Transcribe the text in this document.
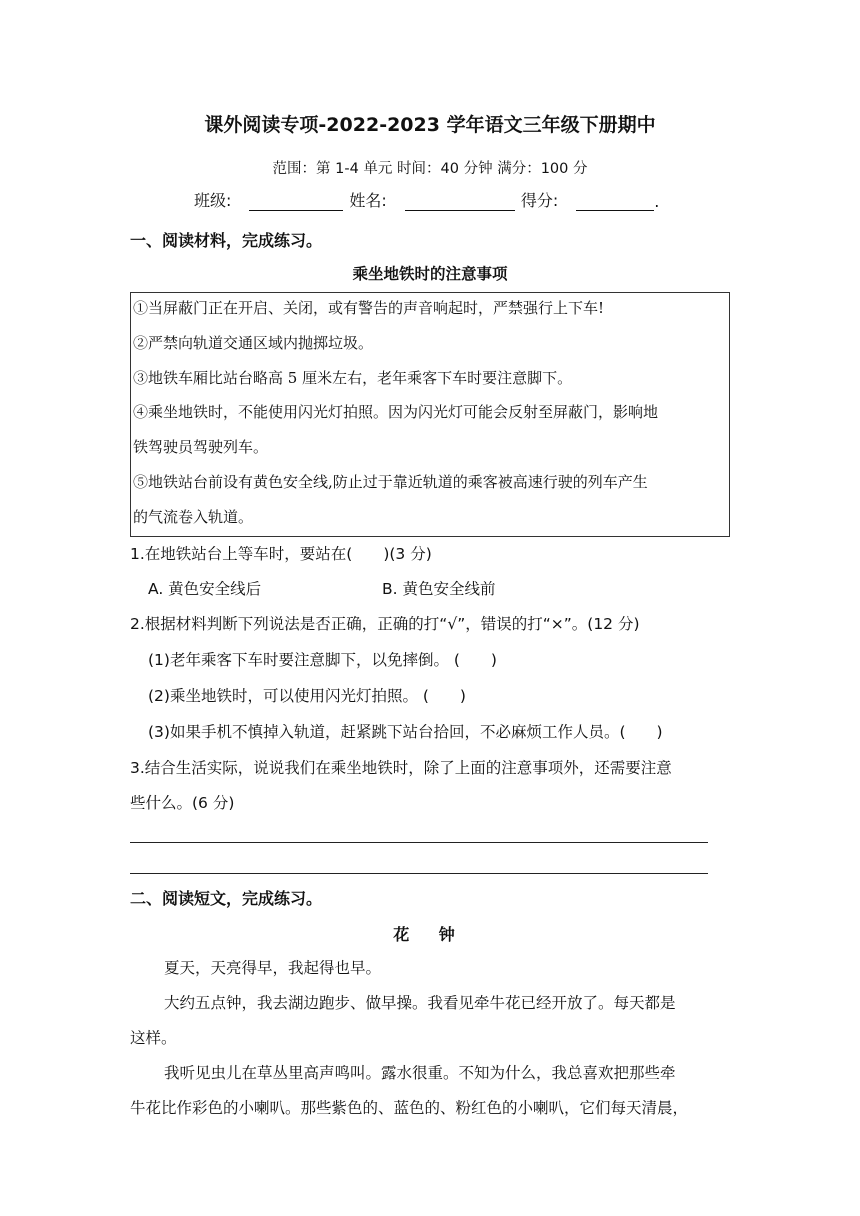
课外阅读专项-2022-2023 学年语文三年级下册期中
范围：第 1-4 单元 时间：40 分钟 满分：100 分
班级:	姓名:	得分:	.
一、阅读材料，完成练习。
乘坐地铁时的注意事项
①当屏蔽门正在开启、关闭，或有警告的声音响起时，严禁强行上下车!
②严禁向轨道交通区域内抛掷垃圾。
③地铁车厢比站台略高 5 厘米左右，老年乘客下车时要注意脚下。
④乘坐地铁时，不能使用闪光灯拍照。因为闪光灯可能会反射至屏蔽门，影响地
铁驾驶员驾驶列车。
⑤地铁站台前设有黄色安全线,防止过于靠近轨道的乘客被高速行驶的列车产生
的气流卷入轨道。
1.在地铁站台上等车时，要站在(　　)(3 分)
A. 黄色安全线后	B. 黄色安全线前
2.根据材料判断下列说法是否正确，正确的打“√”，错误的打“×”。(12 分)
(1)老年乘客下车时要注意脚下，以免摔倒。 (　　)
(2)乘坐地铁时，可以使用闪光灯拍照。 (　　)
(3)如果手机不慎掉入轨道，赶紧跳下站台拾回，不必麻烦工作人员。(　　)
3.结合生活实际，说说我们在乘坐地铁时，除了上面的注意事项外，还需要注意
些什么。(6 分)
二、阅读短文，完成练习。
花 钟
夏天，天亮得早，我起得也早。
大约五点钟，我去湖边跑步、做早操。我看见牵牛花已经开放了。每天都是
这样。
我听见虫儿在草丛里高声鸣叫。露水很重。不知为什么，我总喜欢把那些牵
牛花比作彩色的小喇叭。那些紫色的、蓝色的、粉红色的小喇叭，它们每天清晨，
